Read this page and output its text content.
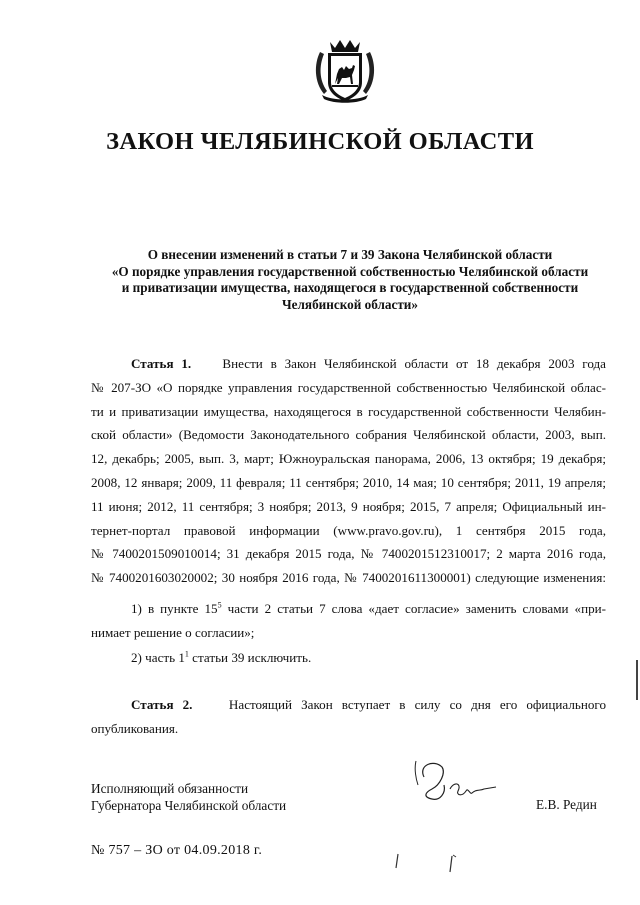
ЗАКОН ЧЕЛЯБИНСКОЙ ОБЛАСТИ
О внесении изменений в статьи 7 и 39 Закона Челябинской области
«О порядке управления государственной собственностью Челябинской области
и приватизации имущества, находящегося в государственной собственности
Челябинской области»
Статья 1. Внести в Закон Челябинской области от 18 декабря 2003 года
№ 207-ЗО «О порядке управления государственной собственностью Челябинской облас-
ти и приватизации имущества, находящегося в государственной собственности Челябин-
ской области» (Ведомости Законодательного собрания Челябинской области, 2003, вып.
12, декабрь; 2005, вып. 3, март; Южноуральская панорама, 2006, 13 октября; 19 декабря;
2008, 12 января; 2009, 11 февраля; 11 сентября; 2010, 14 мая; 10 сентября; 2011, 19 апреля;
11 июня; 2012, 11 сентября; 3 ноября; 2013, 9 ноября; 2015, 7 апреля; Официальный ин-
тернет-портал правовой информации (www.pravo.gov.ru), 1 сентября 2015 года,
№ 7400201509010014; 31 декабря 2015 года, № 7400201512310017; 2 марта 2016 года,
№ 7400201603020002; 30 ноября 2016 года, № 7400201611300001) следующие изменения:
1) в пункте $15^5$ части 2 статьи 7 слова «дает согласие» заменить словами «при-
нимает решение о согласии»;
2) часть $1^1$ статьи 39 исключить.
Статья 2.	Настоящий Закон вступает в силу со дня его официального
опубликования.
Исполняющий обязанности
Губернатора Челябинской области	Е.В. Редин
№ 757 – ЗО от 04.09.2018 г.
